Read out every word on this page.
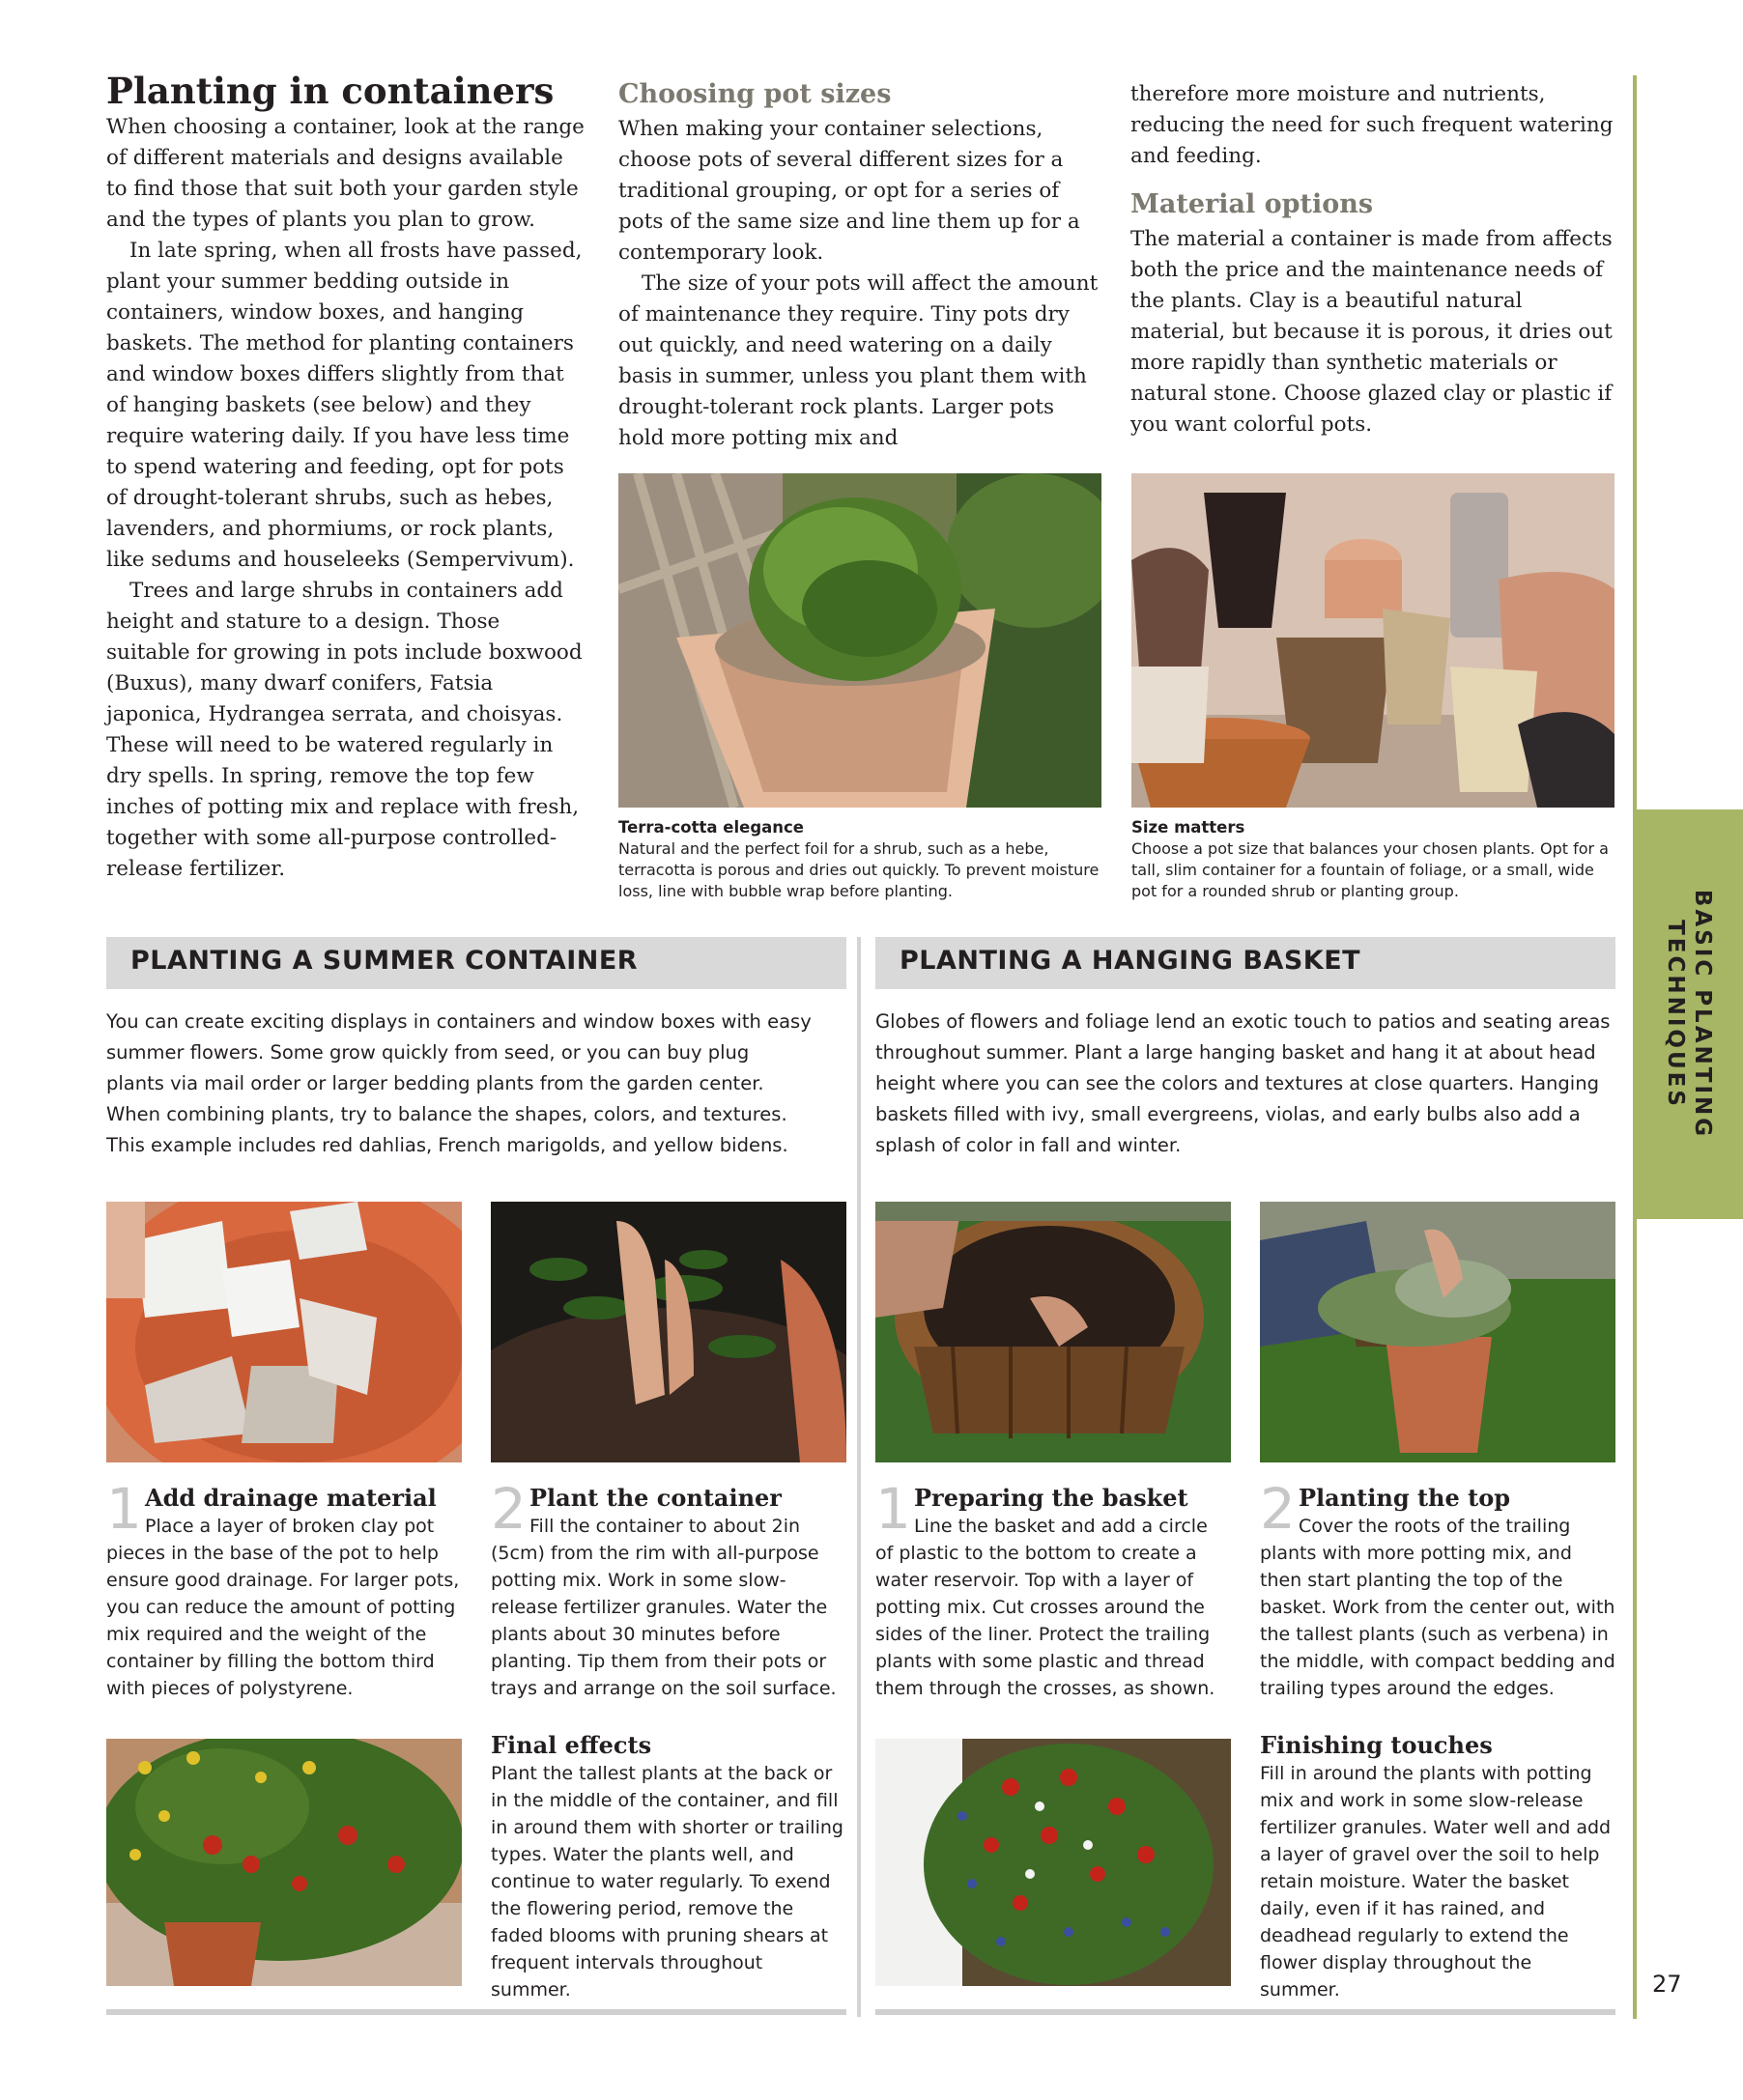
Planting in containers

When choosing a container, look at the range of different materials and designs available to find those that suit both your garden style and the types of plants you plan to grow.

In late spring, when all frosts have passed, plant your summer bedding outside in containers, window boxes, and hanging baskets. The method for planting containers and window boxes differs slightly from that of hanging baskets (see below) and they require watering daily. If you have less time to spend watering and feeding, opt for pots of drought-tolerant shrubs, such as hebes, lavenders, and phormiums, or rock plants, like sedums and houseleeks (Sempervivum).

Trees and large shrubs in containers add height and stature to a design. Those suitable for growing in pots include boxwood (Buxus), many dwarf conifers, Fatsia japonica, Hydrangea serrata, and choisyas. These will need to be watered regularly in dry spells. In spring, remove the top few inches of potting mix and replace with fresh, together with some all-purpose controlled-release fertilizer.

Choosing pot sizes

When making your container selections, choose pots of several different sizes for a traditional grouping, or opt for a series of pots of the same size and line them up for a contemporary look.

The size of your pots will affect the amount of maintenance they require. Tiny pots dry out quickly, and need watering on a daily basis in summer, unless you plant them with drought-tolerant rock plants. Larger pots hold more potting mix and

therefore more moisture and nutrients, reducing the need for such frequent watering and feeding.

Material options

The material a container is made from affects both the price and the maintenance needs of the plants. Clay is a beautiful natural material, but because it is porous, it dries out more rapidly than synthetic materials or natural stone. Choose glazed clay or plastic if you want colorful pots.

Terra-cotta elegance
Natural and the perfect foil for a shrub, such as a hebe, terracotta is porous and dries out quickly. To prevent moisture loss, line with bubble wrap before planting.
Size matters
Choose a pot size that balances your chosen plants. Opt for a tall, slim container for a fountain of foliage, or a small, wide pot for a rounded shrub or planting group.
PLANTING A SUMMER CONTAINER	PLANTING A HANGING BASKET
You can create exciting displays in containers and window boxes with easy summer flowers. Some grow quickly from seed, or you can buy plug plants via mail order or larger bedding plants from the garden center. When combining plants, try to balance the shapes, colors, and textures. This example includes red dahlias, French marigolds, and yellow bidens.
Globes of flowers and foliage lend an exotic touch to patios and seating areas throughout summer. Plant a large hanging basket and hang it at about head height where you can see the colors and textures at close quarters. Hanging baskets filled with ivy, small evergreens, violas, and early bulbs also add a splash of color in fall and winter.
1 Add drainage material
Place a layer of broken clay pot pieces in the base of the pot to help ensure good drainage. For larger pots, you can reduce the amount of potting mix required and the weight of the container by filling the bottom third with pieces of polystyrene.
2 Plant the container
Fill the container to about 2in (5cm) from the rim with all-purpose potting mix. Work in some slow-release fertilizer granules. Water the plants about 30 minutes before planting. Tip them from their pots or trays and arrange on the soil surface.
1 Preparing the basket
Line the basket and add a circle of plastic to the bottom to create a water reservoir. Top with a layer of potting mix. Cut crosses around the sides of the liner. Protect the trailing plants with some plastic and thread them through the crosses, as shown.
2 Planting the top
Cover the roots of the trailing plants with more potting mix, and then start planting the top of the basket. Work from the center out, with the tallest plants (such as verbena) in the middle, with compact bedding and trailing types around the edges.
Final effects
Plant the tallest plants at the back or in the middle of the container, and fill in around them with shorter or trailing types. Water the plants well, and continue to water regularly. To exend the flowering period, remove the faded blooms with pruning shears at frequent intervals throughout summer.
Finishing touches
Fill in around the plants with potting mix and work in some slow-release fertilizer granules. Water well and add a layer of gravel over the soil to help retain moisture. Water the basket daily, even if it has rained, and deadhead regularly to extend the flower display throughout the summer.
BASIC PLANTING
TECHNIQUES
27
